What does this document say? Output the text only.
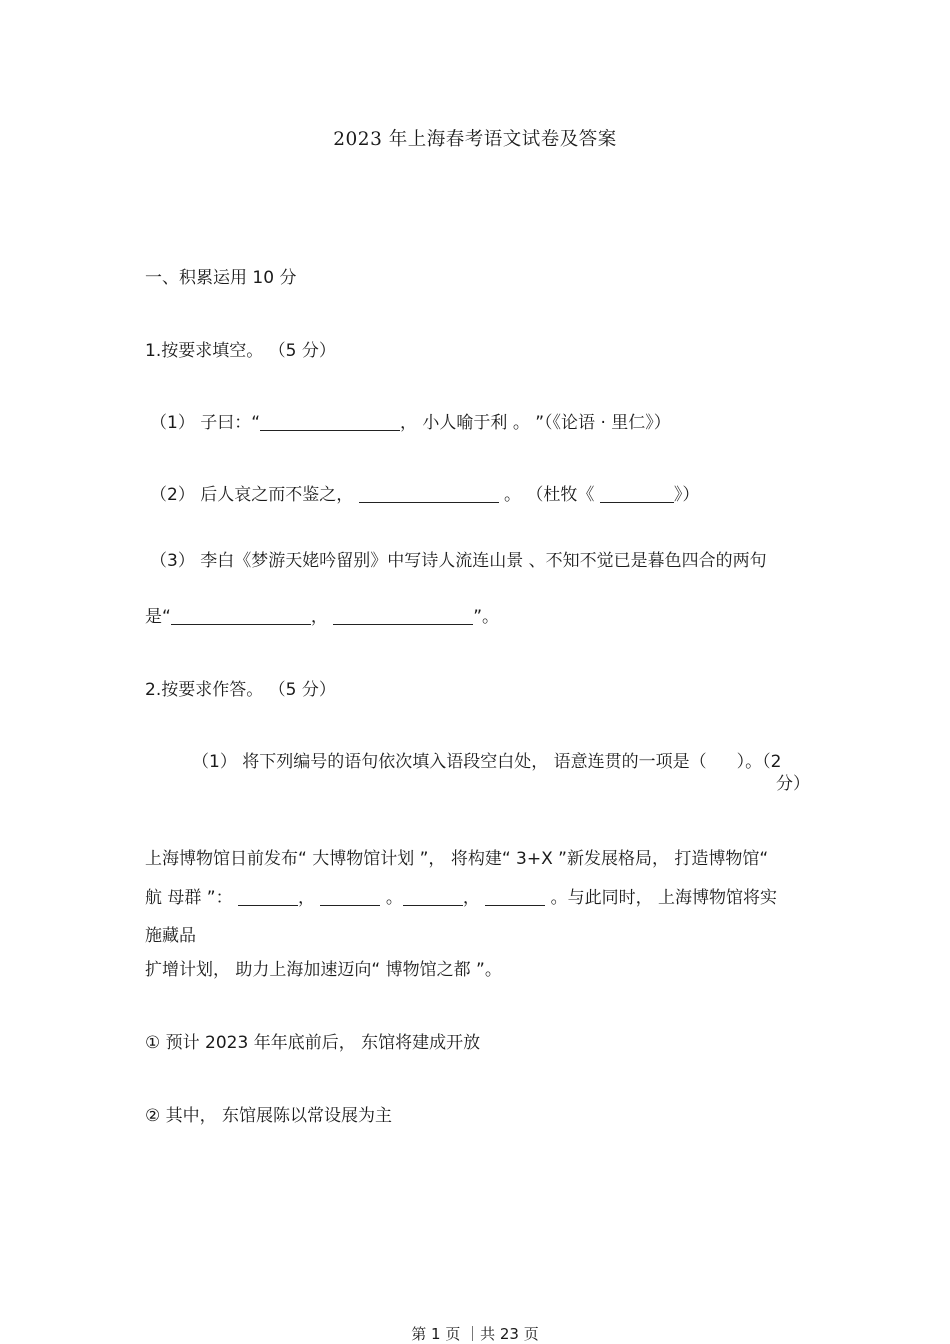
2023 年上海春考语文试卷及答案

一、积累运用 10 分

1.按要求填空。 （5 分）

（1） 子曰：“	， 小人喻于利 。 ”（《论语 · 里仁》）

（2） 后人哀之而不鉴之，	。 （杜牧《	》）

（3） 李白《梦游天姥吟留别》中写诗人流连山景 、不知不觉已是暮色四合的两句

是“	，	”。

2.按要求作答。 （5 分）

（1） 将下列编号的语句依次填入语段空白处， 语意连贯的一项是（ ）。（2

分）

上海博物馆日前发布“ 大博物馆计划 ”， 将构建“ 3+X ”新发展格局， 打造博物馆“

航 母群 ”：	，	。	，	。与此同时， 上海博物馆将实

施藏品

扩增计划， 助力上海加速迈向“ 博物馆之都 ”。

① 预计 2023 年年底前后， 东馆将建成开放

② 其中， 东馆展陈以常设展为主

第 1 页 ｜共 23 页
